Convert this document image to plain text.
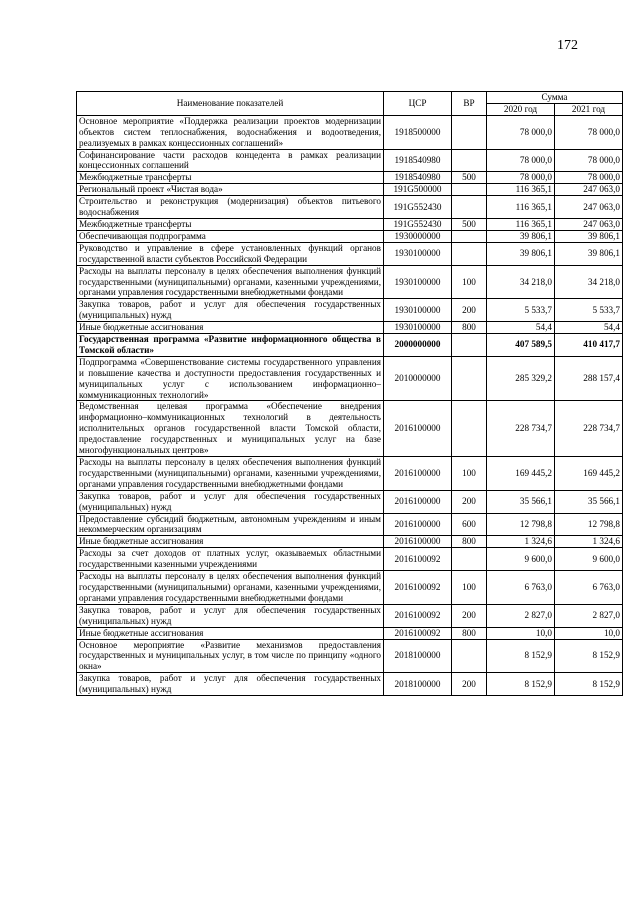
172
Наименование показателей	ЦСР	ВР	Сумма	
			2020 год	2021 год
Основное мероприятие «Поддержка реализации проектов модернизации объектов систем теплоснабжения, водоснабжения и водоотведения, реализуемых в рамках концессионных соглашений»	1918500000		78 000,0	78 000,0
Софинансирование части расходов концедента в рамках реализации концессионных соглашений	1918540980		78 000,0	78 000,0
Межбюджетные трансферты	1918540980	500	78 000,0	78 000,0
Региональный проект «Чистая вода»	191G500000		116 365,1	247 063,0
Строительство и реконструкция (модернизация) объектов питьевого водоснабжения	191G552430		116 365,1	247 063,0
Межбюджетные трансферты	191G552430	500	116 365,1	247 063,0
Обеспечивающая подпрограмма	1930000000		39 806,1	39 806,1
Руководство и управление в сфере установленных функций органов государственной власти субъектов Российской Федерации	1930100000		39 806,1	39 806,1
Расходы на выплаты персоналу в целях обеспечения выполнения функций государственными (муниципальными) органами, казенными учреждениями, органами управления государственными внебюджетными фондами	1930100000	100	34 218,0	34 218,0
Закупка товаров, работ и услуг для обеспечения государственных (муниципальных) нужд	1930100000	200	5 533,7	5 533,7
Иные бюджетные ассигнования	1930100000	800	54,4	54,4
Государственная программа «Развитие информационного общества в Томской области»	2000000000		407 589,5	410 417,7
Подпрограмма «Совершенствование системы государственного управления и повышение качества и доступности предоставления государственных и муниципальных услуг с использованием информационно–коммуникационных технологий»	2010000000		285 329,2	288 157,4
Ведомственная целевая программа «Обеспечение внедрения информационно–коммуникационных технологий в деятельность исполнительных органов государственной власти Томской области, предоставление государственных и муниципальных услуг на базе многофункциональных центров»	2016100000		228 734,7	228 734,7
Расходы на выплаты персоналу в целях обеспечения выполнения функций государственными (муниципальными) органами, казенными учреждениями, органами управления государственными внебюджетными фондами	2016100000	100	169 445,2	169 445,2
Закупка товаров, работ и услуг для обеспечения государственных (муниципальных) нужд	2016100000	200	35 566,1	35 566,1
Предоставление субсидий бюджетным, автономным учреждениям и иным некоммерческим организациям	2016100000	600	12 798,8	12 798,8
Иные бюджетные ассигнования	2016100000	800	1 324,6	1 324,6
Расходы за счет доходов от платных услуг, оказываемых областными государственными казенными учреждениями	2016100092		9 600,0	9 600,0
Расходы на выплаты персоналу в целях обеспечения выполнения функций государственными (муниципальными) органами, казенными учреждениями, органами управления государственными внебюджетными фондами	2016100092	100	6 763,0	6 763,0
Закупка товаров, работ и услуг для обеспечения государственных (муниципальных) нужд	2016100092	200	2 827,0	2 827,0
Иные бюджетные ассигнования	2016100092	800	10,0	10,0
Основное мероприятие «Развитие механизмов предоставления государственных и муниципальных услуг, в том числе по принципу «одного окна»	2018100000		8 152,9	8 152,9
Закупка товаров, работ и услуг для обеспечения государственных (муниципальных) нужд	2018100000	200	8 152,9	8 152,9
